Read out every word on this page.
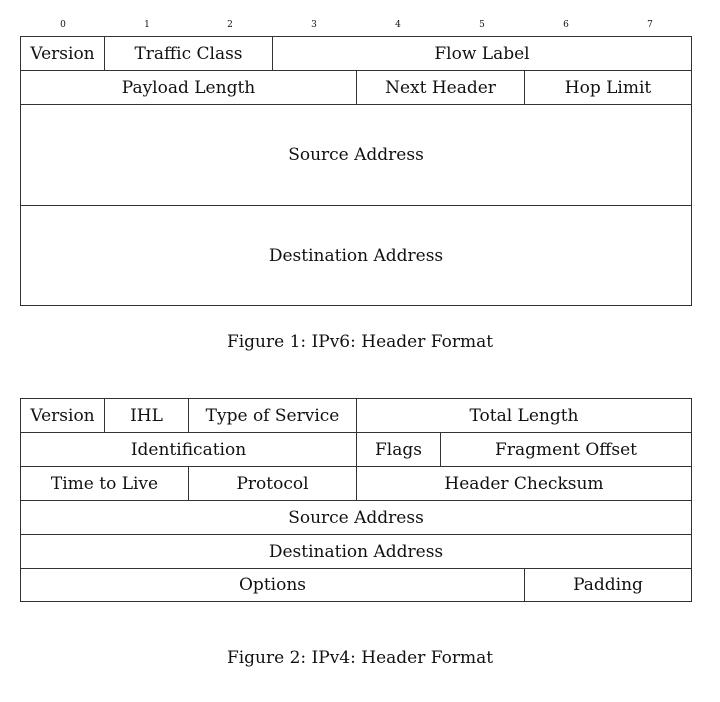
0	1	2	3	4	5	6	7
Version	Traffic Class	Flow Label
Payload Length	Next Header	Hop Limit
Source Address
Destination Address
Figure 1: IPv6: Header Format
Version	IHL	Type of Service	Total Length
Identification	Flags	Fragment Offset
Time to Live	Protocol	Header Checksum
Source Address
Destination Address
Options	Padding
Figure 2: IPv4: Header Format
